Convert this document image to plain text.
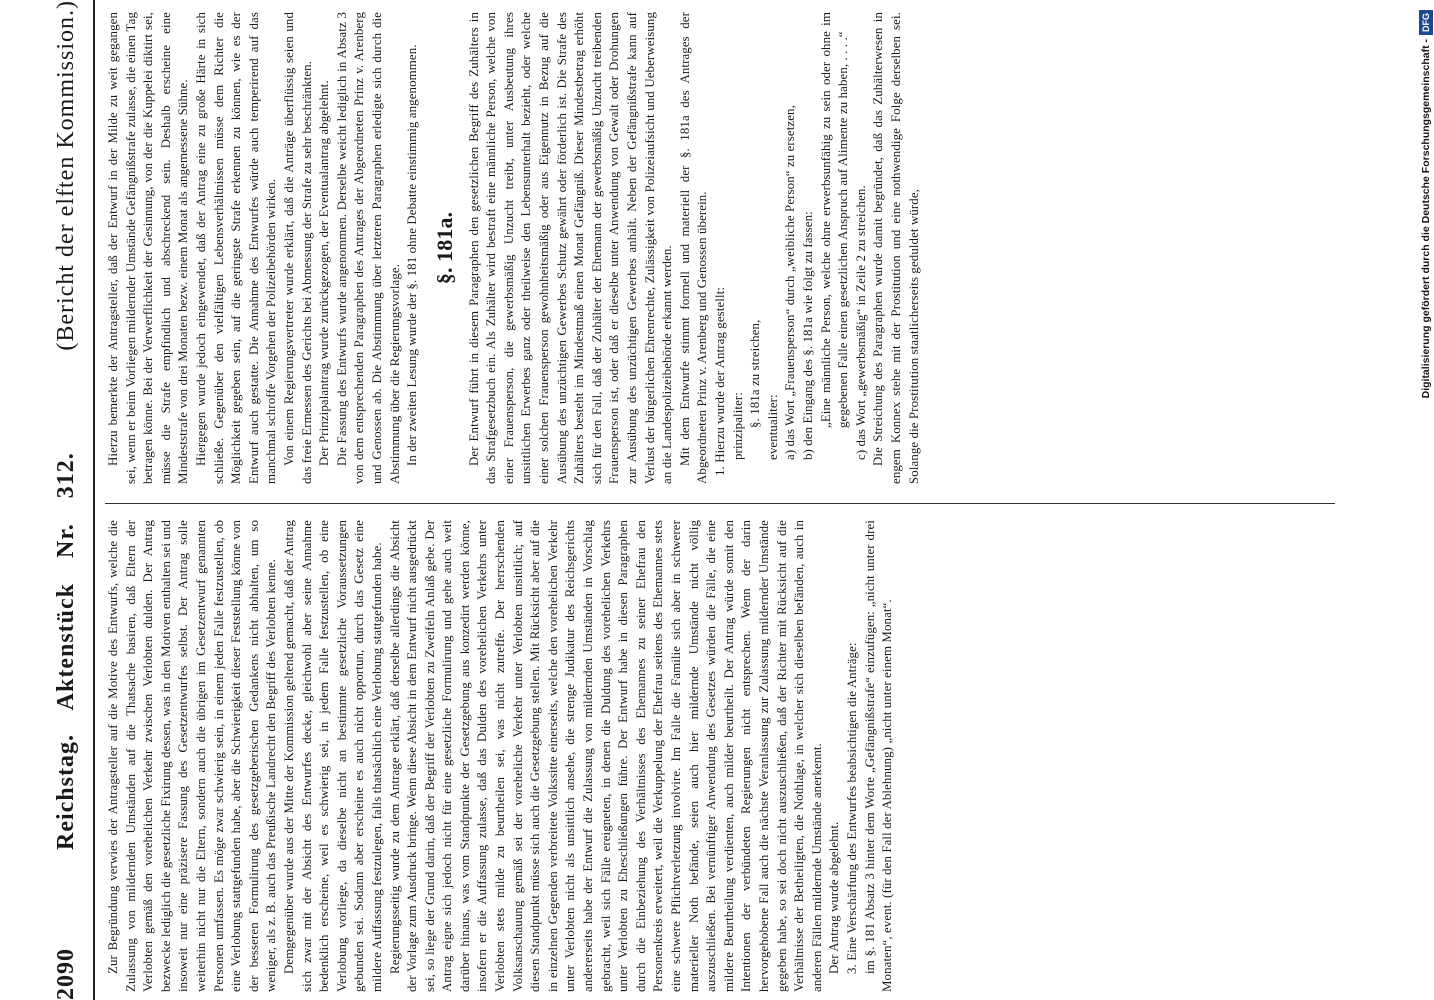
2090
Reichstag. Aktenstück Nr. 312.
(Bericht der elften Kommission.)

Zur Begründung verwies der Antragsteller auf die Motive des Entwurfs, welche die Zulassung von mildernden Umständen auf die Thatsache basiren, daß Eltern der Verlobten gemäß den vorehelichen Verkehr zwischen Verlobten dulden. Der Antrag bezwecke lediglich die gesetzliche Fixirung dessen, was in den Motiven enthalten sei und insoweit nur eine präzisere Fassung des Gesetzentwurfes selbst. Der Antrag solle weiterhin nicht nur die Eltern, sondern auch die übrigen im Gesetzentwurf genannten Personen umfassen. Es möge zwar schwierig sein, in einem jeden Falle festzustellen, ob eine Verlobung stattgefunden habe, aber die Schwierigkeit dieser Feststellung könne von der besseren Formulirung des gesetzgeberischen Gedankens nicht abhalten, um so weniger, als z. B. auch das Preußische Landrecht den Begriff des Verlobten kenne. Demgegenüber wurde aus der Mitte der Kommission geltend gemacht, daß der Antrag sich zwar mit der Absicht des Entwurfes decke, gleichwohl aber seine Annahme bedenklich erscheine, weil es schwierig sei, in jedem Falle festzustellen, ob eine Verlobung vorliege, da dieselbe nicht an bestimmte gesetzliche Voraussetzungen gebunden sei. Sodann aber erscheine es auch nicht opportun, durch das Gesetz eine mildere Auffassung festzulegen, falls thatsächlich eine Verlobung stattgefunden habe. Regierungsseitig wurde zu dem Antrage erklärt, daß derselbe allerdings die Absicht der Vorlage zum Ausdruck bringe. Wenn diese Absicht in dem Entwurf nicht ausgedrückt sei, so liege der Grund darin, daß der Begriff der Verlobten zu Zweifeln Anlaß gebe. Der Antrag eigne sich jedoch nicht für eine gesetzliche Formulirung und gehe auch weit darüber hinaus, was vom Standpunkte der Gesetzgebung aus konzedirt werden könne, insofern er die Auffassung zulasse, daß das Dulden des vorehelichen Verkehrs unter Verlobten stets milde zu beurtheilen sei, was nicht zutreffe. Der herrschenden Volksanschauung gemäß sei der voreheliche Verkehr unter Verlobten unsittlich; auf diesen Standpunkt müsse sich auch die Gesetzgebung stellen. Mit Rücksicht aber auf die in einzelnen Gegenden verbreitete Volkssitte einerseits, welche den vorehelichen Verkehr unter Verlobten nicht als unsittlich ansehe, die strenge Judikatur des Reichsgerichts andererseits habe der Entwurf die Zulassung von mildernden Umständen in Vorschlag gebracht, weil sich Fälle ereigneten, in denen die Duldung des vorehelichen Verkehrs unter Verlobten zu Eheschließungen führe. Der Entwurf habe in diesen Paragraphen durch die Einbeziehung des Verhältnisses des Ehemannes zu seiner Ehefrau den Personenkreis erweitert, weil die Verkuppelung der Ehefrau seitens des Ehemannes stets eine schwere Pflichtverletzung involvire. Im Falle die Familie sich aber in schwerer materieller Noth befände, seien auch hier mildernde Umstände nicht völlig auszuschließen. Bei vernünftiger Anwendung des Gesetzes würden die Fälle, die eine mildere Beurtheilung verdienten, auch milder beurtheilt. Der Antrag würde somit den Intentionen der verbündeten Regierungen nicht entsprechen. Wenn der darin hervorgehobene Fall auch die nächste Veranlassung zur Zulassung mildernder Umstände gegeben habe, so sei doch nicht auszuschließen, daß der Richter mit Rücksicht auf die Verhältnisse der Betheiligten, die Nothlage, in welcher sich dieselben befänden, auch in anderen Fällen mildernde Umstände anerkennt. Der Antrag wurde abgelehnt. 3. Eine Verschärfung des Entwurfes beabsichtigen die Anträge: im §. 181 Absatz 3 hinter dem Worte „Gefängnißstrafe“ einzufügen: „nicht unter drei Monaten“, event. (für den Fall der Ablehnung) „nicht unter einem Monat“.

Hierzu bemerkte der Antragsteller, daß der Entwurf in der Milde zu weit gegangen sei, wenn er beim Vorliegen mildernder Umstände Gefängnißstrafe zulasse, die einen Tag betragen könne. Bei der Verwerflichkeit der Gesinnung, von der die Kuppelei diktirt sei, müsse die Strafe empfindlich und abschreckend sein. Deshalb erscheine eine Mindeststrafe von drei Monaten bezw. einem Monat als angemessene Sühne. Hiergegen wurde jedoch eingewendet, daß der Antrag eine zu große Härte in sich schließe. Gegenüber den vielfältigen Lebensverhältnissen müsse dem Richter die Möglichkeit gegeben sein, auf die geringste Strafe erkennen zu können, wie es der Entwurf auch gestatte. Die Annahme des Entwurfes würde auch temperirend auf das manchmal schroffe Vorgehen der Polizeibehörden wirken. Von einem Regierungsvertreter wurde erklärt, daß die Anträge überflüssig seien und das freie Ermessen des Gerichts bei Abmessung der Strafe zu sehr beschränkten. Der Prinzipalantrag wurde zurückgezogen, der Eventualantrag abgelehnt. Die Fassung des Entwurfs wurde angenommen. Derselbe weicht lediglich in Absatz 3 von dem entsprechenden Paragraphen des Antrages der Abgeordneten Prinz v. Arenberg und Genossen ab. Die Abstimmung über letzteren Paragraphen erledigte sich durch die Abstimmung über die Regierungsvorlage. In der zweiten Lesung wurde der §. 181 ohne Debatte einstimmig angenommen. §. 181a. Der Entwurf führt in diesem Paragraphen den gesetzlichen Begriff des Zuhälters in das Strafgesetzbuch ein. Als Zuhälter wird bestraft eine männliche Person, welche von einer Frauensperson, die gewerbsmäßig Unzucht treibt, unter Ausbeutung ihres unsittlichen Erwerbes ganz oder theilweise den Lebensunterhalt bezieht, oder welche einer solchen Frauensperson gewohnheitsmäßig oder aus Eigennutz in Bezug auf die Ausübung des unzüchtigen Gewerbes Schutz gewährt oder förderlich ist. Die Strafe des Zuhälters besteht im Mindestmaß einen Monat Gefängniß. Dieser Mindestbetrag erhöht sich für den Fall, daß der Zuhälter der Ehemann der gewerbsmäßig Unzucht treibenden Frauensperson ist, oder daß er dieselbe unter Anwendung von Gewalt oder Drohungen zur Ausübung des unzüchtigen Gewerbes anhält. Neben der Gefängnißstrafe kann auf Verlust der bürgerlichen Ehrenrechte, Zulässigkeit von Polizeiaufsicht und Ueberweisung an die Landespolizeibehörde erkannt werden. Mit dem Entwurfe stimmt formell und materiell der §. 181a des Antrages der Abgeordneten Prinz v. Arenberg und Genossen überein. 1. Hierzu wurde der Antrag gestellt: prinzipaliter: §. 181a zu streichen, eventualiter: a) das Wort „Frauensperson“ durch „weibliche Person“ zu ersetzen, b) den Eingang des §. 181a wie folgt zu fassen: „Eine männliche Person, welche ohne erwerbsunfähig zu sein oder ohne im gegebenen Falle einen gesetzlichen Anspruch auf Alimente zu haben, . . . .“ c) das Wort „gewerbsmäßig“ in Zeile 2 zu streichen. Die Streichung des Paragraphen wurde damit begründet, daß das Zuhälterwesen in engem Konnex stehe mit der Prostitution und eine nothwendige Folge derselben sei. Solange die Prostitution staatlicherseits geduldet würde,	Digitalisierung gefördert durch die Deutsche Forschungsgemeinschaft -DFG
